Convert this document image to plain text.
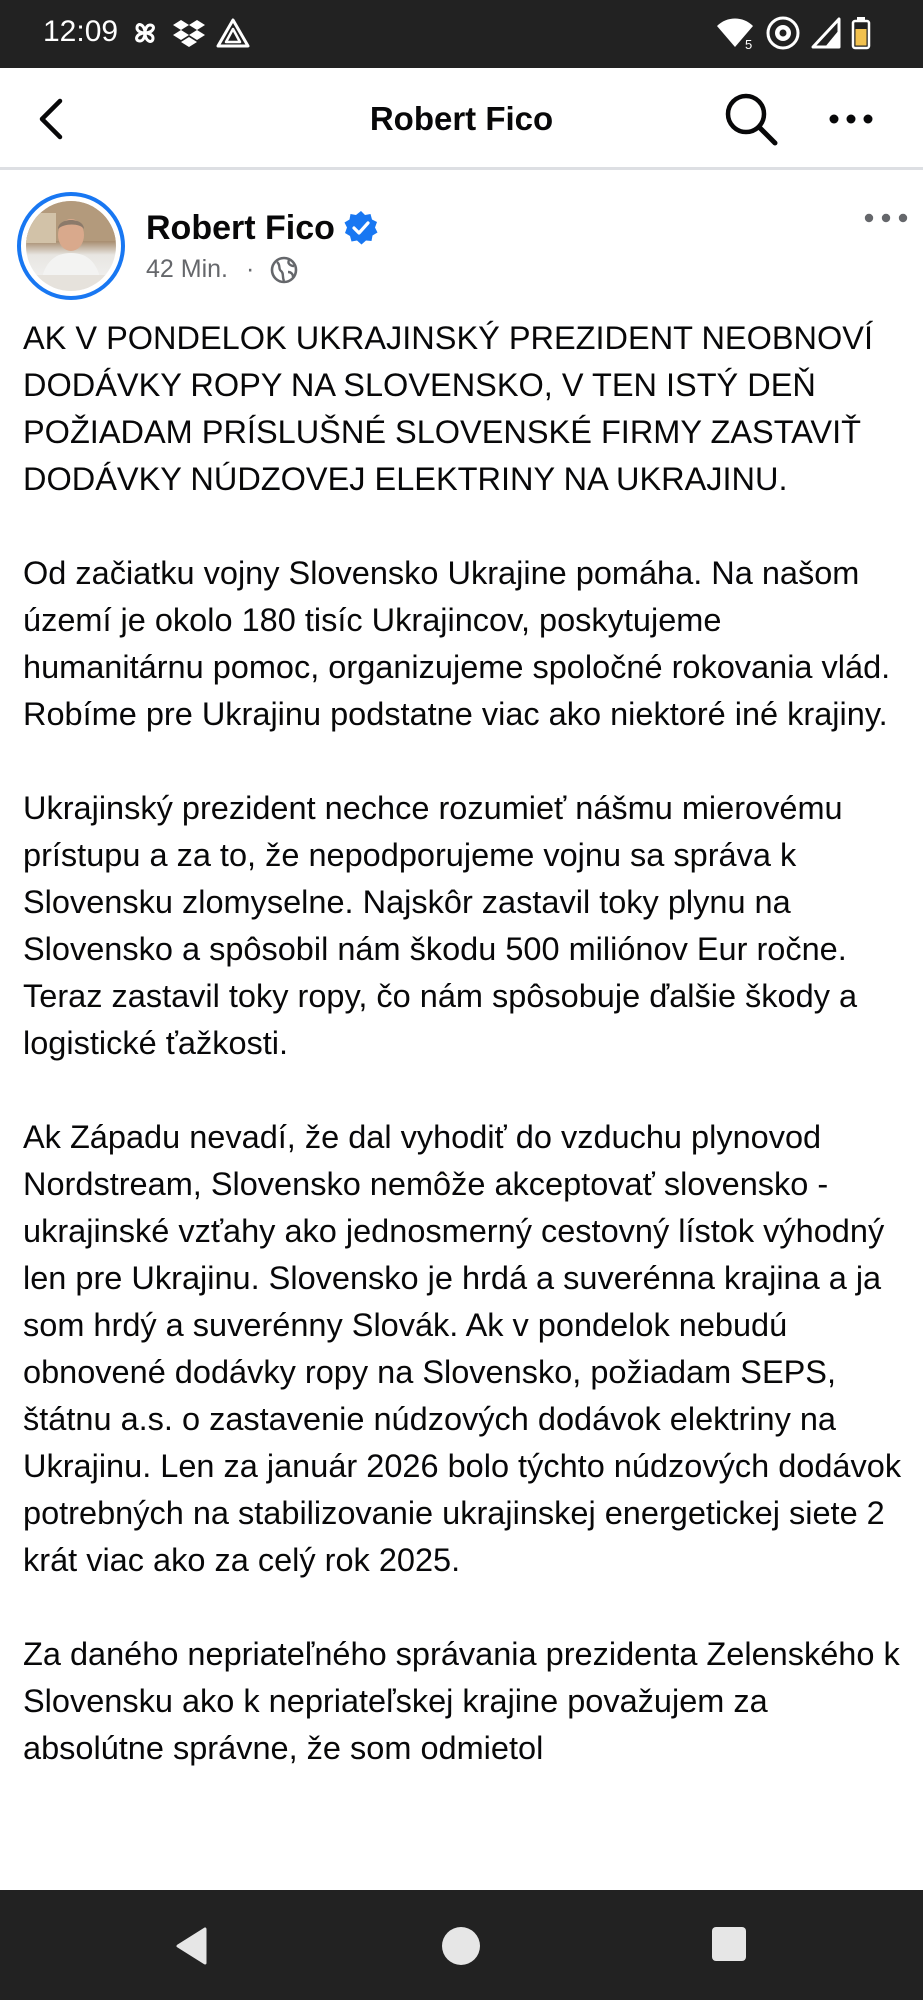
12:09	5
Robert Fico
Robert Fico
42 Min. ·

AK V PONDELOK UKRAJINSKÝ PREZIDENT NEOBNOVÍ DODÁVKY ROPY NA SLOVENSKO, V TEN ISTÝ DEŇ POŽIADAM PRÍSLUŠNÉ SLOVENSKÉ FIRMY ZASTAVIŤ DODÁVKY NÚDZOVEJ ELEKTRINY NA UKRAJINU.

Od začiatku vojny Slovensko Ukrajine pomáha. Na našom území je okolo 180 tisíc Ukrajincov, poskytujeme humanitárnu pomoc, organizujeme spoločné rokovania vlád. Robíme pre Ukrajinu podstatne viac ako niektoré iné krajiny.

Ukrajinský prezident nechce rozumieť nášmu mierovému prístupu a za to, že nepodporujeme vojnu sa správa k Slovensku zlomyselne. Najskôr zastavil toky plynu na Slovensko a spôsobil nám škodu 500 miliónov Eur ročne. Teraz zastavil toky ropy, čo nám spôsobuje ďalšie škody a logistické ťažkosti.

Ak Západu nevadí, že dal vyhodiť do vzduchu plynovod Nordstream, Slovensko nemôže akceptovať slovensko - ukrajinské vzťahy ako jednosmerný cestovný lístok výhodný len pre Ukrajinu. Slovensko je hrdá a suverénna krajina a ja som hrdý a suverénny Slovák. Ak v pondelok nebudú obnovené dodávky ropy na Slovensko, požiadam SEPS, štátnu a.s. o zastavenie núdzových dodávok elektriny na Ukrajinu. Len za január 2026 bolo týchto núdzových dodávok potrebných na stabilizovanie ukrajinskej energetickej siete 2 krát viac ako za celý rok 2025.

Za daného nepriateľného správania prezidenta Zelenského k Slovensku ako k nepriateľskej krajine považujem za absolútne správne, že som odmietol
